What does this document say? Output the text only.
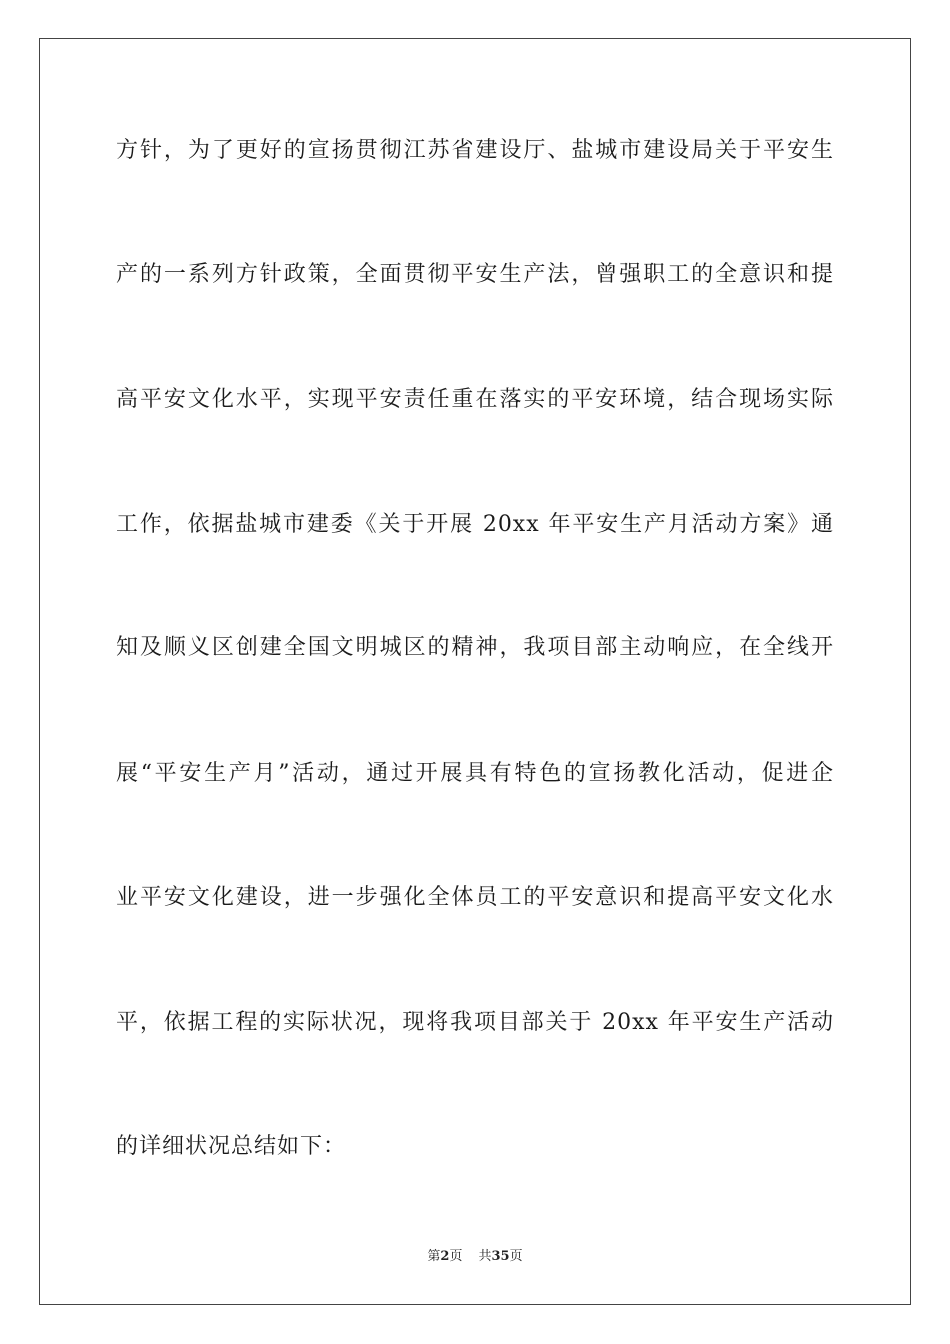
方针，为了更好的宣扬贯彻江苏省建设厅、盐城市建设局关于平安生

产的一系列方针政策，全面贯彻平安生产法，曾强职工的全意识和提

高平安文化水平，实现平安责任重在落实的平安环境，结合现场实际

工作，依据盐城市建委《关于开展 20xx 年平安生产月活动方案》通

知及顺义区创建全国文明城区的精神，我项目部主动响应，在全线开

展“平安生产月”活动，通过开展具有特色的宣扬教化活动，促进企

业平安文化建设，进一步强化全体员工的平安意识和提高平安文化水

平，依据工程的实际状况，现将我项目部关于 20xx 年平安生产活动

的详细状况总结如下：

第2页 共35页
